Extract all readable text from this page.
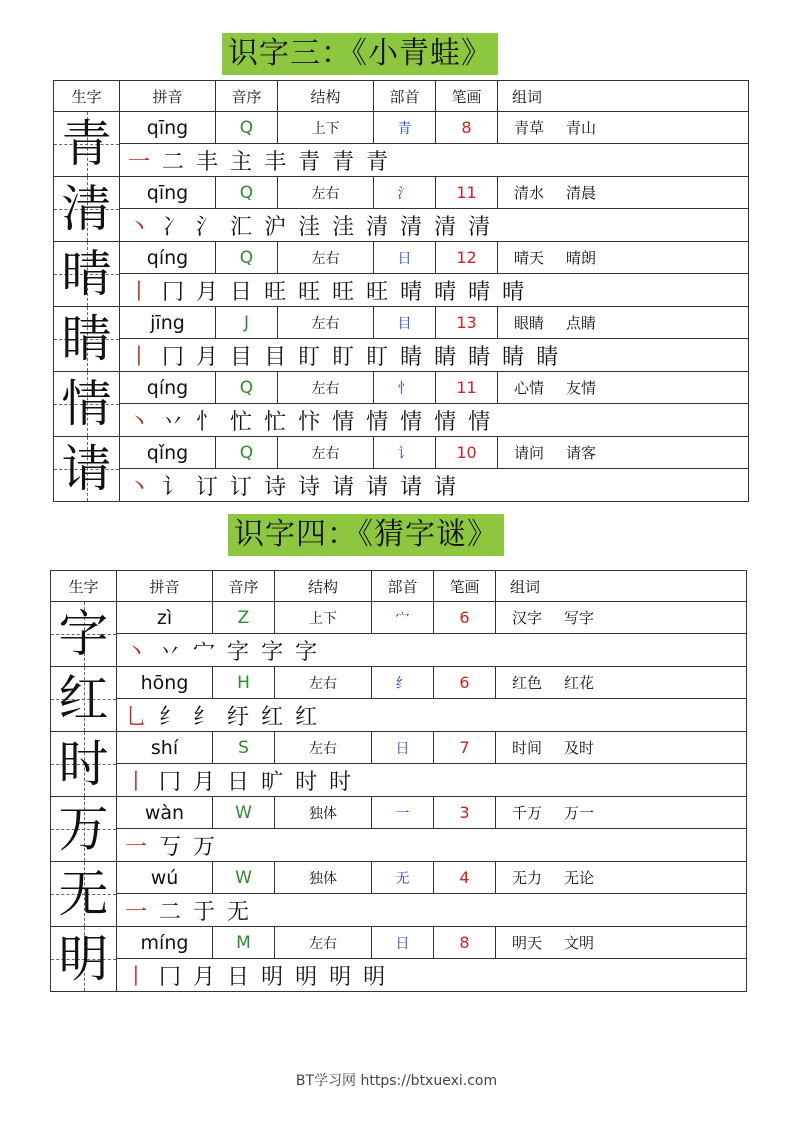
识字三：《小青蛙》
生字	拼音	音序	结构	部首	笔画	组词

青	qīng	Q	上下	青	8	青草 青山
	一 二 丰 主 丰 青 青 青					

清	qīng	Q	左右	氵	11	清水 清晨
	丶 冫 氵 汇 沪 洼 洼 清 清 清 清					

晴	qíng	Q	左右	日	12	晴天 晴朗
	丨 冂 月 日 旺 旺 旺 旺 晴 晴 晴 晴					

睛	jīng	J	左右	目	13	眼睛 点睛
	丨 冂 月 目 目 盯 盯 盯 睛 睛 睛 睛 睛					

情	qíng	Q	左右	忄	11	心情 友情
	丶 丷 忄 忙 忙 忭 情 情 情 情 情					

请	qǐng	Q	左右	讠	10	请问 请客
	丶 讠 订 订 诗 诗 请 请 请 请					
识字四：《猜字谜》
生字	拼音	音序	结构	部首	笔画	组词

字	zì	Z	上下	宀	6	汉字 写字
	丶 丷 宀 字 字 字					

红	hōng	H	左右	纟	6	红色 红花
	乚 纟 纟 纡 红 红					

时	shí	S	左右	日	7	时间 及时
	丨 冂 月 日 旷 时 时					

万	wàn	W	独体	一	3	千万 万一
	一 丂 万					

无	wú	W	独体	无	4	无力 无论
	一 二 于 无					

明	míng	M	左右	日	8	明天 文明
	丨 冂 月 日 明 明 明 明					
BT学习网 https://btxuexi.com
